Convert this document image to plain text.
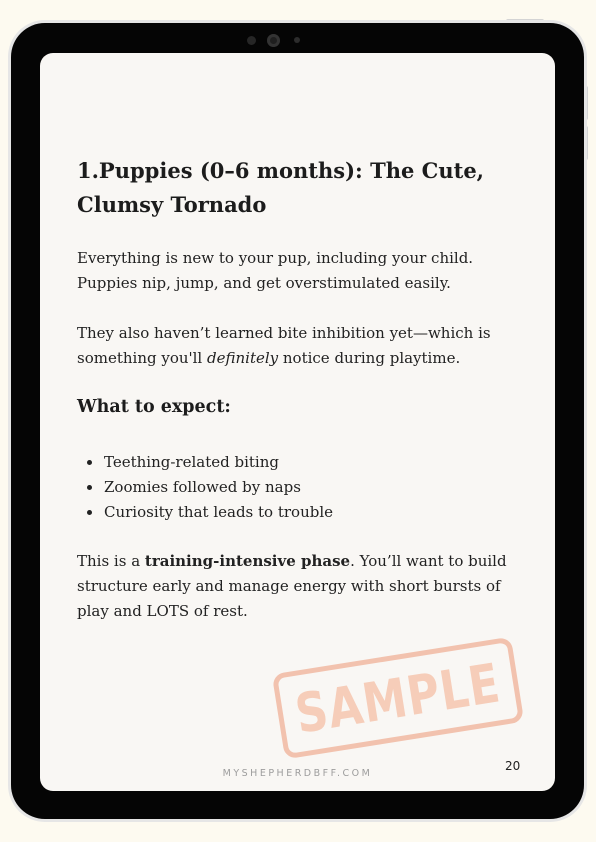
1.Puppies (0–6 months): The Cute, Clumsy Tornado

Everything is new to your pup, including your child.
Puppies nip, jump, and get overstimulated easily.

They also haven’t learned bite inhibition yet—which is
something you'll definitely notice during playtime.

What to expect:
Teething-related biting
Zoomies followed by naps
Curiosity that leads to trouble

This is a training-intensive phase. You’ll want to build
structure early and manage energy with short bursts of
play and LOTS of rest.

SAMPLE
MYSHEPHERDBFF.COM
20
